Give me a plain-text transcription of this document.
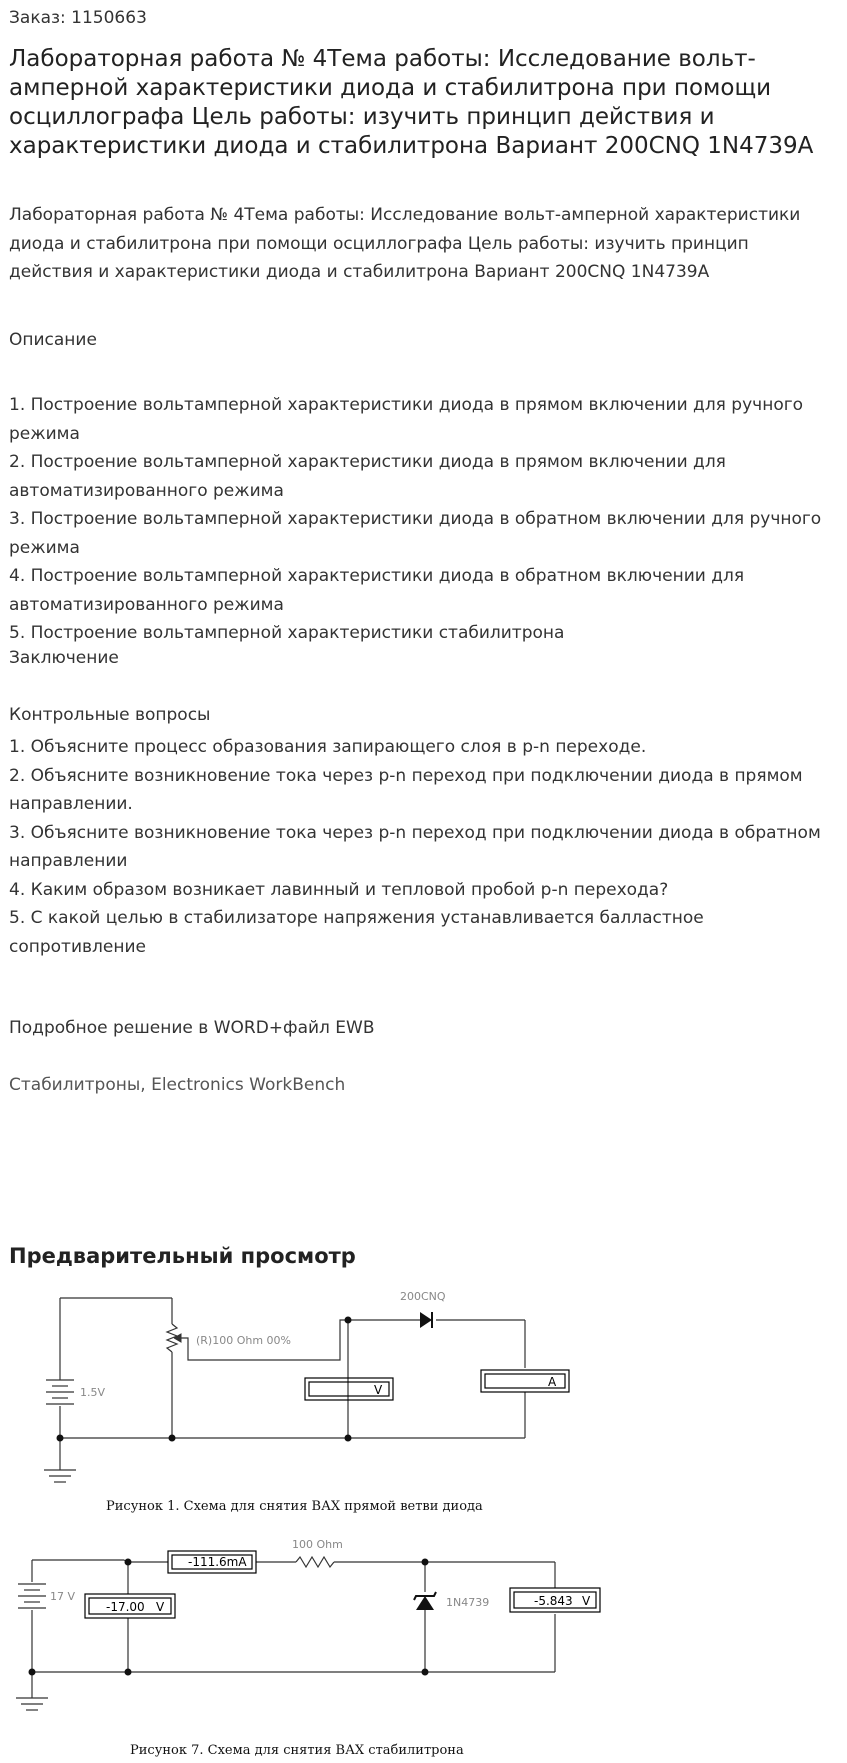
Заказ: 1150663
Лабораторная работа № 4Тема работы: Исследование вольт-амперной характеристики диода и стабилитрона при помощи осциллографа Цель работы: изучить принцип действия и характеристики диода и стабилитрона Вариант 200CNQ 1N4739A
Лабораторная работа № 4Тема работы: Исследование вольт-амперной характеристики диода и стабилитрона при помощи осциллографа Цель работы: изучить принцип действия и характеристики диода и стабилитрона Вариант 200CNQ 1N4739A
Описание
1. Построение вольтамперной характеристики диода в прямом включении для ручного режима
2. Построение вольтамперной характеристики диода в прямом включении для автоматизированного режима
3. Построение вольтамперной характеристики диода в обратном включении для ручного режима
4. Построение вольтамперной характеристики диода в обратном включении для автоматизированного режима
5. Построение вольтамперной характеристики стабилитрона
Заключение
Контрольные вопросы
1. Объясните процесс образования запирающего слоя в p-n переходе.
2. Объясните возникновение тока через p-n переход при подключении диода в прямом направлении.
3. Объясните возникновение тока через p-n переход при подключении диода в обратном направлении
4. Каким образом возникает лавинный и тепловой пробой p-n перехода?
5. С какой целью в стабилизаторе напряжения устанавливается балластное сопротивление
Подробное решение в WORD+файл EWB
Стабилитроны, Electronics WorkBench
Предварительный просмотр
200CNQ
(R)100 Ohm 00%
1.5V	V
A
Рисунок 1. Схема для снятия ВАХ прямой ветви диода
17 V
-111.6mA
100 Ohm
1N4739
-17.00 V	-5.843 V
Рисунок 7. Схема для снятия ВАХ стабилитрона
